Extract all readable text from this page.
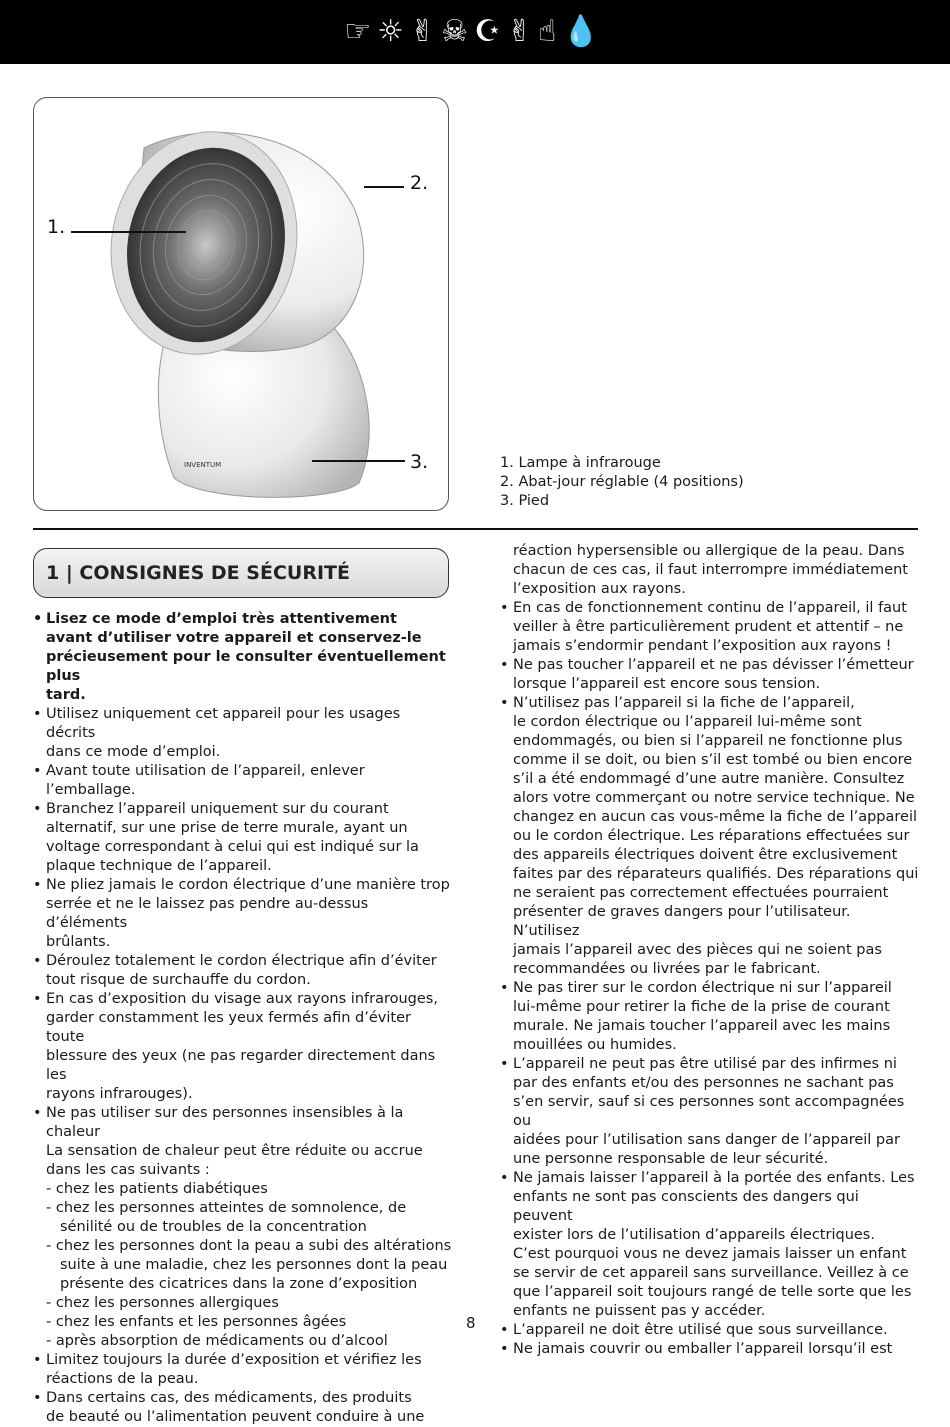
☞☼✌☠☪✌☝💧
INVENTUM
1.
2.
3.	1. Lampe à infrarouge
2. Abat-jour réglable (4 positions)
3. Pied
1 | CONSIGNES DE SÉCURITÉ
• Lisez ce mode d’emploi très attentivement
avant d’utiliser votre appareil et conservez-le
précieusement pour le consulter éventuellement plus
tard.
• Utilisez uniquement cet appareil pour les usages décrits
dans ce mode d’emploi.
• Avant toute utilisation de l’appareil, enlever
l’emballage.
• Branchez l’appareil uniquement sur du courant
alternatif, sur une prise de terre murale, ayant un
voltage correspondant à celui qui est indiqué sur la
plaque technique de l’appareil.
• Ne pliez jamais le cordon électrique d’une manière trop
serrée et ne le laissez pas pendre au-dessus d’éléments
brûlants.
• Déroulez totalement le cordon électrique afin d’éviter
tout risque de surchauffe du cordon.
• En cas d’exposition du visage aux rayons infrarouges,
garder constamment les yeux fermés afin d’éviter toute
blessure des yeux (ne pas regarder directement dans les
rayons infrarouges).
• Ne pas utiliser sur des personnes insensibles à la chaleur
La sensation de chaleur peut être réduite ou accrue
dans les cas suivants :
- chez les patients diabétiques
- chez les personnes atteintes de somnolence, de
sénilité ou de troubles de la concentration
- chez les personnes dont la peau a subi des altérations
suite à une maladie, chez les personnes dont la peau
présente des cicatrices dans la zone d’exposition
- chez les personnes allergiques
- chez les enfants et les personnes âgées
- après absorption de médicaments ou d’alcool
• Limitez toujours la durée d’exposition et vérifiez les
réactions de la peau.
• Dans certains cas, des médicaments, des produits
de beauté ou l’alimentation peuvent conduire à une
réaction hypersensible ou allergique de la peau. Dans
chacun de ces cas, il faut interrompre immédiatement
l’exposition aux rayons.
• En cas de fonctionnement continu de l’appareil, il faut
veiller à être particulièrement prudent et attentif – ne
jamais s’endormir pendant l’exposition aux rayons !
• Ne pas toucher l’appareil et ne pas dévisser l’émetteur
lorsque l’appareil est encore sous tension.
• N’utilisez pas l’appareil si la fiche de l’appareil,
le cordon électrique ou l’appareil lui-même sont
endommagés, ou bien si l’appareil ne fonctionne plus
comme il se doit, ou bien s’il est tombé ou bien encore
s’il a été endommagé d’une autre manière. Consultez
alors votre commerçant ou notre service technique. Ne
changez en aucun cas vous-même la fiche de l’appareil
ou le cordon électrique. Les réparations effectuées sur
des appareils électriques doivent être exclusivement
faites par des réparateurs qualifiés. Des réparations qui
ne seraient pas correctement effectuées pourraient
présenter de graves dangers pour l’utilisateur. N’utilisez
jamais l’appareil avec des pièces qui ne soient pas
recommandées ou livrées par le fabricant.
• Ne pas tirer sur le cordon électrique ni sur l’appareil
lui-même pour retirer la fiche de la prise de courant
murale. Ne jamais toucher l’appareil avec les mains
mouillées ou humides.
• L’appareil ne peut pas être utilisé par des infirmes ni
par des enfants et/ou des personnes ne sachant pas
s’en servir, sauf si ces personnes sont accompagnées ou
aidées pour l’utilisation sans danger de l’appareil par
une personne responsable de leur sécurité.
• Ne jamais laisser l’appareil à la portée des enfants. Les
enfants ne sont pas conscients des dangers qui peuvent
exister lors de l’utilisation d’appareils électriques.
C’est pourquoi vous ne devez jamais laisser un enfant
se servir de cet appareil sans surveillance. Veillez à ce
que l’appareil soit toujours rangé de telle sorte que les
enfants ne puissent pas y accéder.
• L’appareil ne doit être utilisé que sous surveillance.
• Ne jamais couvrir ou emballer l’appareil lorsqu’il est
8
